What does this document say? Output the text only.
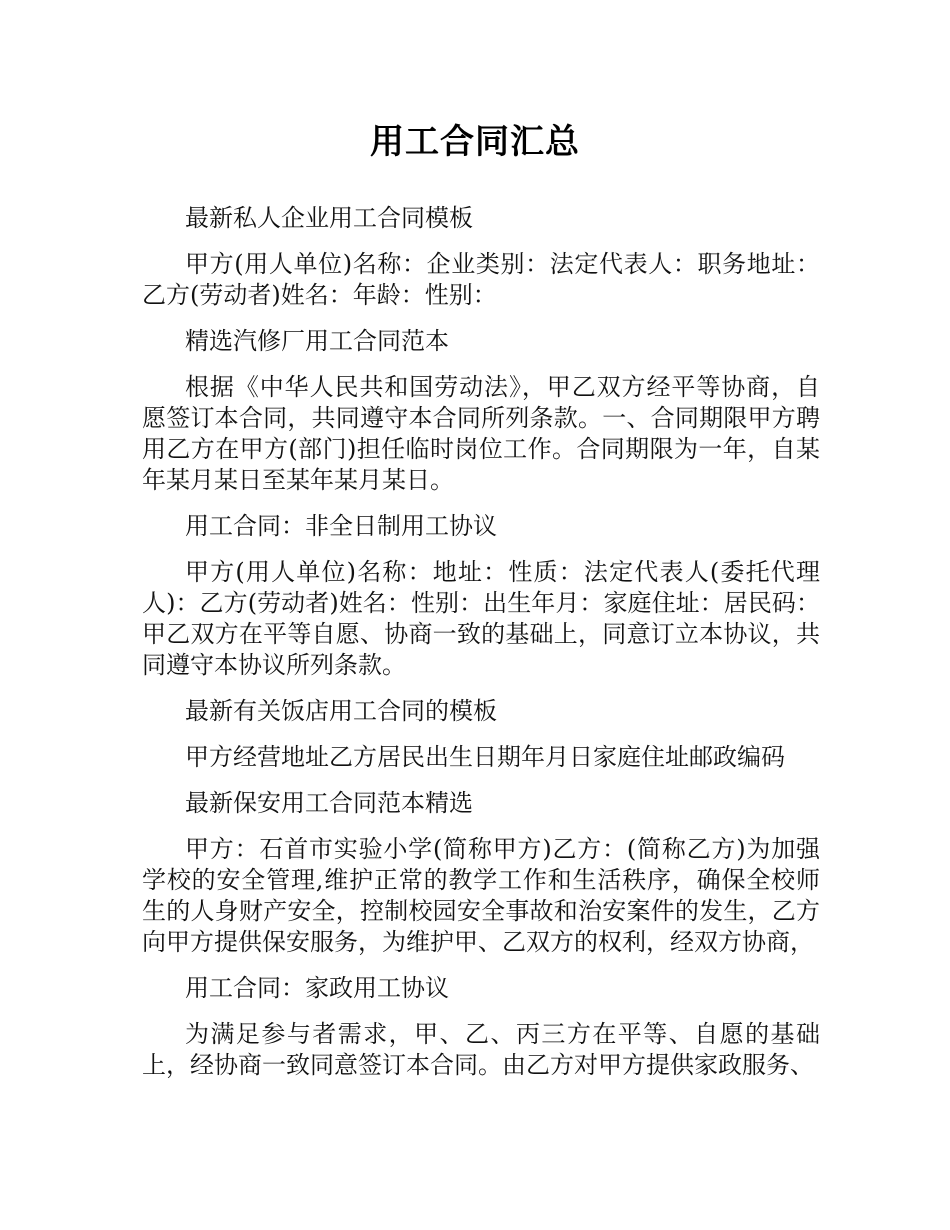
用工合同汇总

最新私人企业用工合同模板

甲方(用人单位)名称：企业类别：法定代表人：职务地址：乙方(劳动者)姓名：年龄：性别：

精选汽修厂用工合同范本

根据《中华人民共和国劳动法》，甲乙双方经平等协商，自愿签订本合同，共同遵守本合同所列条款。一、合同期限甲方聘用乙方在甲方(部门)担任临时岗位工作。合同期限为一年，自某年某月某日至某年某月某日。

用工合同：非全日制用工协议

甲方(用人单位)名称：地址：性质：法定代表人(委托代理人)：乙方(劳动者)姓名：性别：出生年月：家庭住址：居民码：甲乙双方在平等自愿、协商一致的基础上，同意订立本协议，共同遵守本协议所列条款。

最新有关饭店用工合同的模板

甲方经营地址乙方居民出生日期年月日家庭住址邮政编码

最新保安用工合同范本精选

甲方：石首市实验小学(简称甲方)乙方：(简称乙方)为加强学校的安全管理,维护正常的教学工作和生活秩序，确保全校师生的人身财产安全，控制校园安全事故和治安案件的发生，乙方向甲方提供保安服务，为维护甲、乙双方的权利，经双方协商，

用工合同：家政用工协议

为满足参与者需求，甲、乙、丙三方在平等、自愿的基础上，经协商一致同意签订本合同。由乙方对甲方提供家政服务、
